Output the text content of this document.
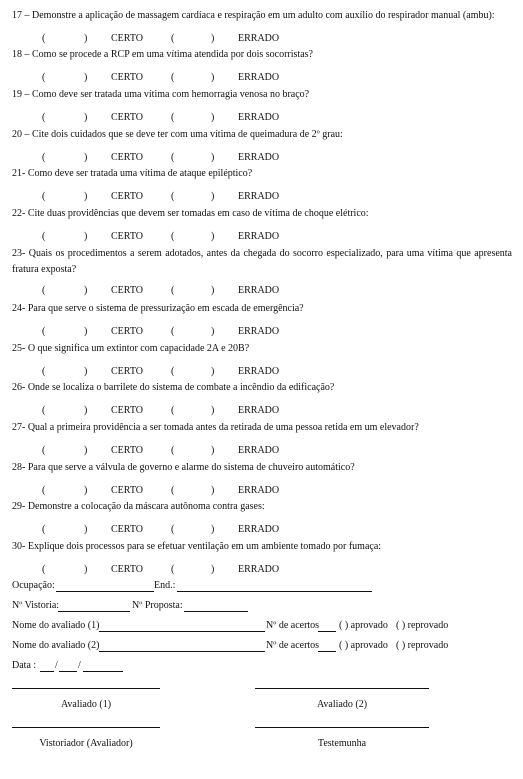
17 – Demonstre a aplicação de massagem cardíaca e respiração em um adulto com auxílio do respirador manual (ambu):
(	) CERTO	(	) ERRADO
18 – Como se procede a RCP em uma vítima atendida por dois socorristas?
(	) CERTO	(	) ERRADO
19 – Como deve ser tratada uma vítima com hemorragia venosa no braço?
(	) CERTO	(	) ERRADO
20 – Cite dois cuidados que se deve ter com uma vítima de queimadura de 2º grau:
(	) CERTO	(	) ERRADO
21- Como deve ser tratada uma vítima de ataque epiléptico?
(	) CERTO	(	) ERRADO
22- Cite duas providências que devem ser tomadas em caso de vítima de choque elétrico:
(	) CERTO	(	) ERRADO
23- Quais os procedimentos a serem adotados, antes da chegada do socorro especializado, para uma vítima que apresenta fratura exposta?
(	) CERTO	(	) ERRADO
24- Para que serve o sistema de pressurização em escada de emergência?
(	) CERTO	(	) ERRADO
25- O que significa um extintor com capacidade 2A e 20B?
(	) CERTO	(	) ERRADO
26- Onde se localiza o barrilete do sistema de combate a incêndio da edificação?
(	) CERTO	(	) ERRADO
27- Qual a primeira providência a ser tomada antes da retirada de uma pessoa retida em um elevador?
(	) CERTO	(	) ERRADO
28- Para que serve a válvula de governo e alarme do sistema de chuveiro automático?
(	) CERTO	(	) ERRADO
29- Demonstre a colocação da máscara autônoma contra gases:
(	) CERTO	(	) ERRADO
30- Explique dois processos para se efetuar ventilação em um ambiente tomado por fumaça:
(	) CERTO	(	) ERRADO
Ocupação:	End.:
Nº Vistoria:	Nº Proposta:
Nome do avaliado (1)	Nº de acertos ( ) aprovado ( ) reprovado
Nome do avaliado (2)	Nº de acertos ( ) aprovado ( ) reprovado
Data : / /
Avaliado (1)	Avaliado (2)
Vistoriador (Avaliador)	Testemunha
